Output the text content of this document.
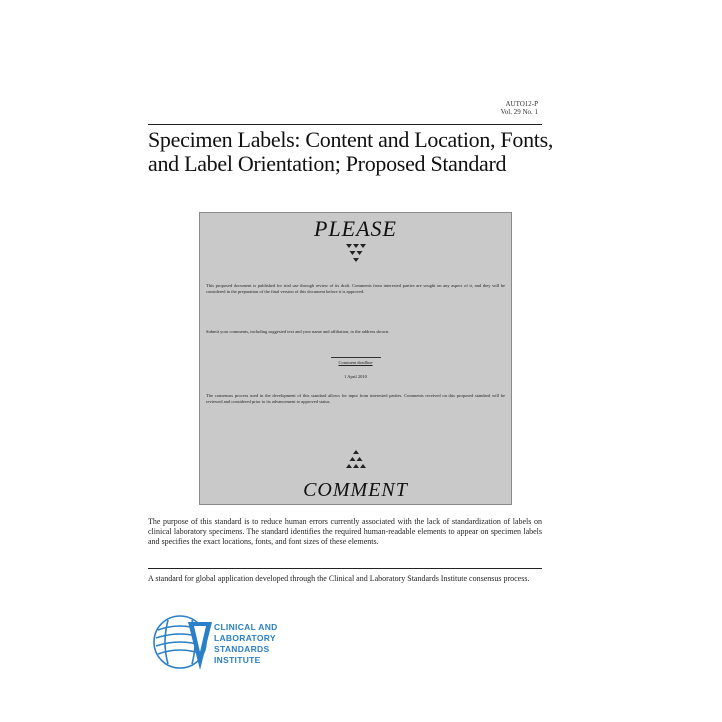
AUTO12-P
Vol. 29 No. 1
Specimen Labels: Content and Location, Fonts, and Label Orientation; Proposed Standard
PLEASE
This proposed document is published for trial use through review of its draft. Comments from interested parties are sought on any aspect of it, and they will be considered in the preparation of the final version of this document before it is approved.
Submit your comments, including suggested text and your name and affiliation, to the address shown.
Comment deadline
1 April 2010
The consensus process used in the development of this standard allows for input from interested parties. Comments received on this proposed standard will be reviewed and considered prior to its advancement to approved status.
COMMENT
The purpose of this standard is to reduce human errors currently associated with the lack of standardization of labels on clinical laboratory specimens. The standard identifies the required human-readable elements to appear on specimen labels and specifies the exact locations, fonts, and font sizes of these elements.
A standard for global application developed through the Clinical and Laboratory Standards Institute consensus process.
CLINICAL AND
LABORATORY
STANDARDS
INSTITUTE
